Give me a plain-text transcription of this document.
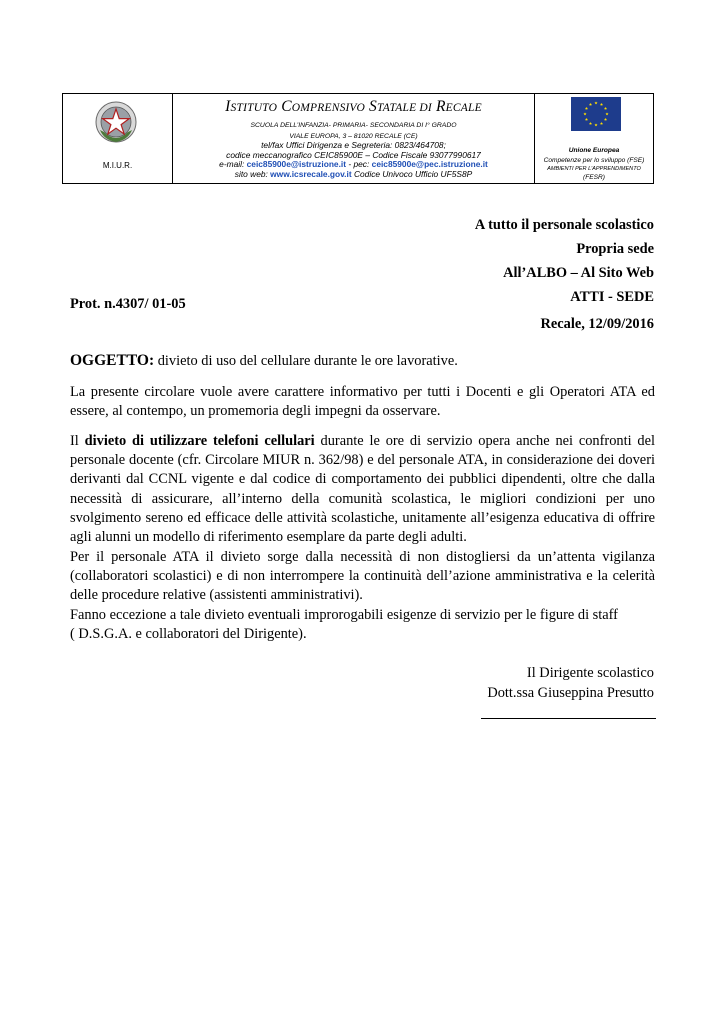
M.I.U.R.
ISTITUTO COMPRENSIVO STATALE DI RECALE
SCUOLA DELL’INFANZIA- PRIMARIA- SECONDARIA DI I° GRADO
VIALE EUROPA, 3 – 81020 RECALE (CE)
tel/fax Uffici Dirigenza e Segreteria: 0823/464708;
codice meccanografico CEIC85900E – Codice Fiscale 93077990617
e-mail: ceic85900e@istruzione.it - pec: ceic85900e@pec.istruzione.it
sito web: www.icsrecale.gov.it Codice Univoco Ufficio UF5S8P
Unione Europea
Competenze per lo sviluppo (FSE)
AMBIENTI PER L’APPRENDIMENTO
(FESR)
A tutto il personale scolastico
Propria sede
All’ALBO – Al Sito Web
ATTI - SEDE
Prot. n.4307/ 01-05
Recale, 12/09/2016
OGGETTO: divieto di uso del cellulare durante le ore lavorative.
La presente circolare vuole avere carattere informativo per tutti i Docenti e gli Operatori ATA ed essere, al contempo, un promemoria degli impegni da osservare.
Il divieto di utilizzare telefoni cellulari durante le ore di servizio opera anche nei confronti del personale docente (cfr. Circolare MIUR n. 362/98) e del personale ATA, in considerazione dei doveri derivanti dal CCNL vigente e dal codice di comportamento dei pubblici dipendenti, oltre che dalla necessità di assicurare, all’interno della comunità scolastica, le migliori condizioni per uno svolgimento sereno ed efficace delle attività scolastiche, unitamente all’esigenza educativa di offrire agli alunni un modello di riferimento esemplare da parte degli adulti.
Per il personale ATA il divieto sorge dalla necessità di non distogliersi da un’attenta vigilanza (collaboratori scolastici) e di non interrompere la continuità dell’azione amministrativa e la celerità delle procedure relative (assistenti amministrativi).
Fanno eccezione a tale divieto eventuali improrogabili esigenze di servizio per le figure di staff
( D.S.G.A. e collaboratori del Dirigente).
Il Dirigente scolastico
Dott.ssa Giuseppina Presutto
